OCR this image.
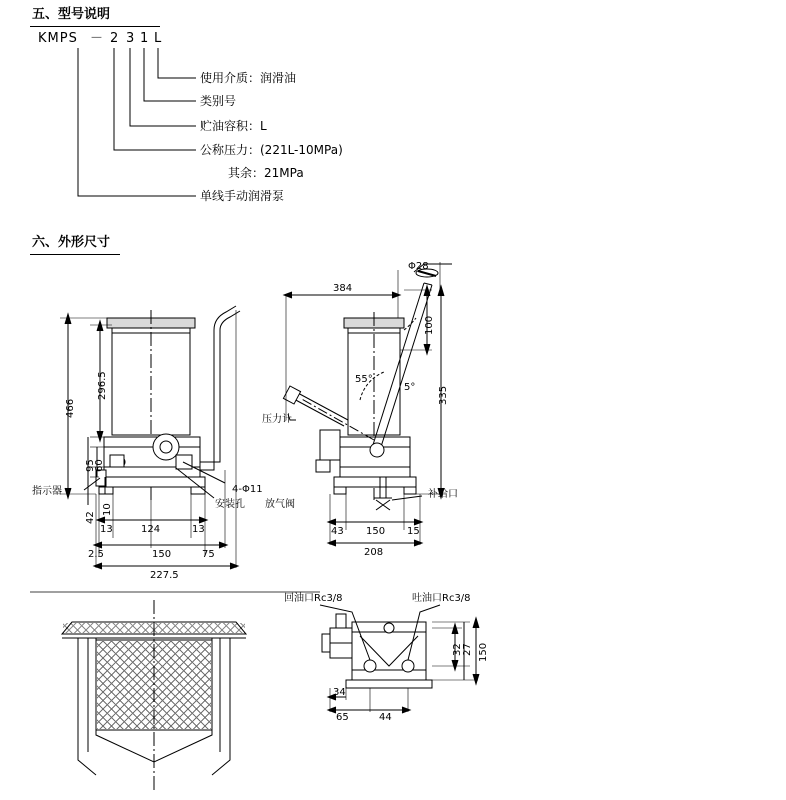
五、型号说明
KMPS － 2 3 1 L
使用介质：润滑油
类别号
贮油容积：L
公称压力：(221L-10MPa)
其余：21MPa
单线手动润滑泵
六、外形尺寸
466
296.5
95
60
42
10
13	124	13
2.5	150	75
227.5
指示器	4-Φ11
安装孔 放气阀
384
Φ28
100
335
43 150 15
208
55°
5°
压力计
补给口
回油口Rc3/8	吐油口Rc3/8
32 27 150
34
65	44
